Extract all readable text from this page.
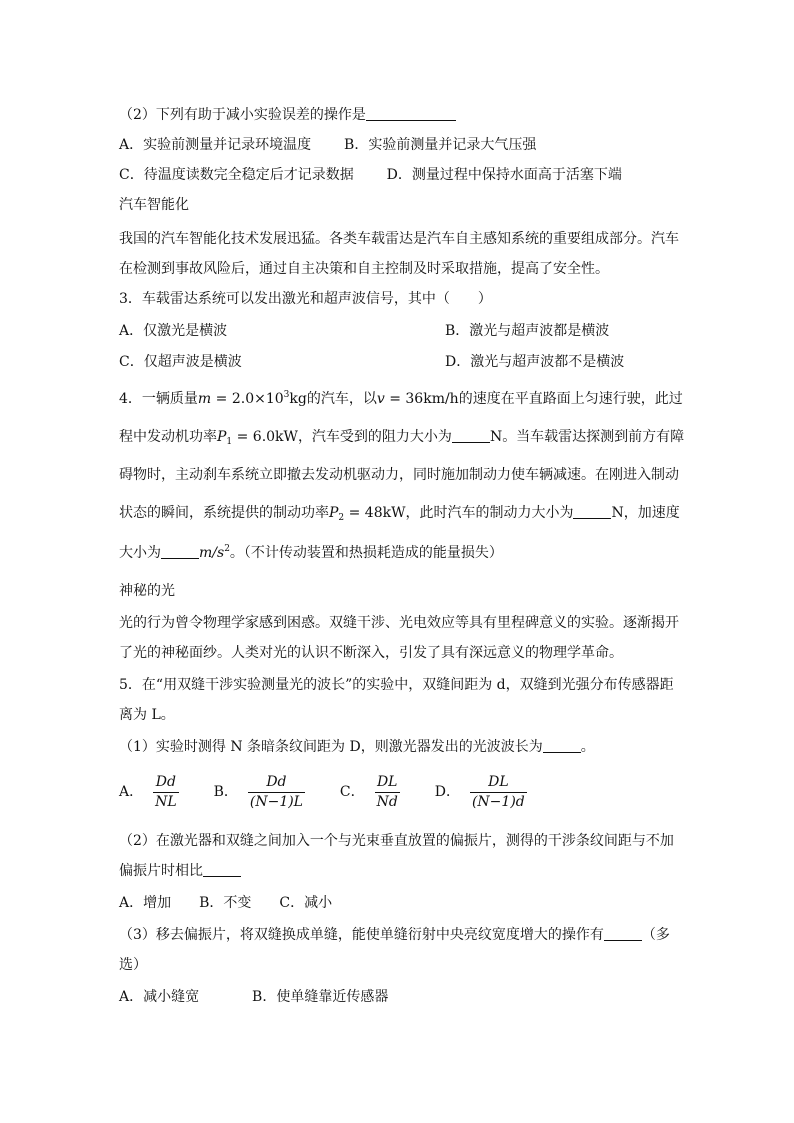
（2）下列有助于减小实验误差的操作是
A．实验前测量并记录环境温度 B．实验前测量并记录大气压强
C．待温度读数完全稳定后才记录数据 D．测量过程中保持水面高于活塞下端
汽车智能化
我国的汽车智能化技术发展迅猛。各类车载雷达是汽车自主感知系统的重要组成部分。汽车
在检测到事故风险后，通过自主决策和自主控制及时采取措施，提高了安全性。
3．车载雷达系统可以发出激光和超声波信号，其中（　　）
A．仅激光是横波	B．激光与超声波都是横波
C．仅超声波是横波	D．激光与超声波都不是横波
4．一辆质量$m = 2.0\times 10^3kg$的汽车，以v = 36km/h的速度在平直路面上匀速行驶，此过
程中发动机功率$P_1 = 6.0kW$，汽车受到的阻力大小为	N。当车载雷达探测到前方有障
碍物时，主动刹车系统立即撤去发动机驱动力，同时施加制动力使车辆减速。在刚进入制动
状态的瞬间，系统提供的制动功率$P_2 = 48kW$，此时汽车的制动力大小为	N，加速度
大小为	$m/s^2$。（不计传动装置和热损耗造成的能量损失）
神秘的光
光的行为曾令物理学家感到困惑。双缝干涉、光电效应等具有里程碑意义的实验。逐渐揭开
了光的神秘面纱。人类对光的认识不断深入，引发了具有深远意义的物理学革命。
5．在“用双缝干涉实验测量光的波长”的实验中，双缝间距为 d，双缝到光强分布传感器距
离为 L。
（1）实验时测得 N 条暗条纹间距为 D，则激光器发出的光波波长为	。
A． $\frac{Dd}{NL}$ B． $\frac{Dd}{(N-1)L}$ C． $\frac{DL}{Nd}$ D． $\frac{DL}{(N-1)d}$
（2）在激光器和双缝之间加入一个与光束垂直放置的偏振片，测得的干涉条纹间距与不加
偏振片时相比
A．增加　　B．不变　　C．减小
（3）移去偏振片，将双缝换成单缝，能使单缝衍射中央亮纹宽度增大的操作有	（多
选）
A．减小缝宽	B．使单缝靠近传感器
